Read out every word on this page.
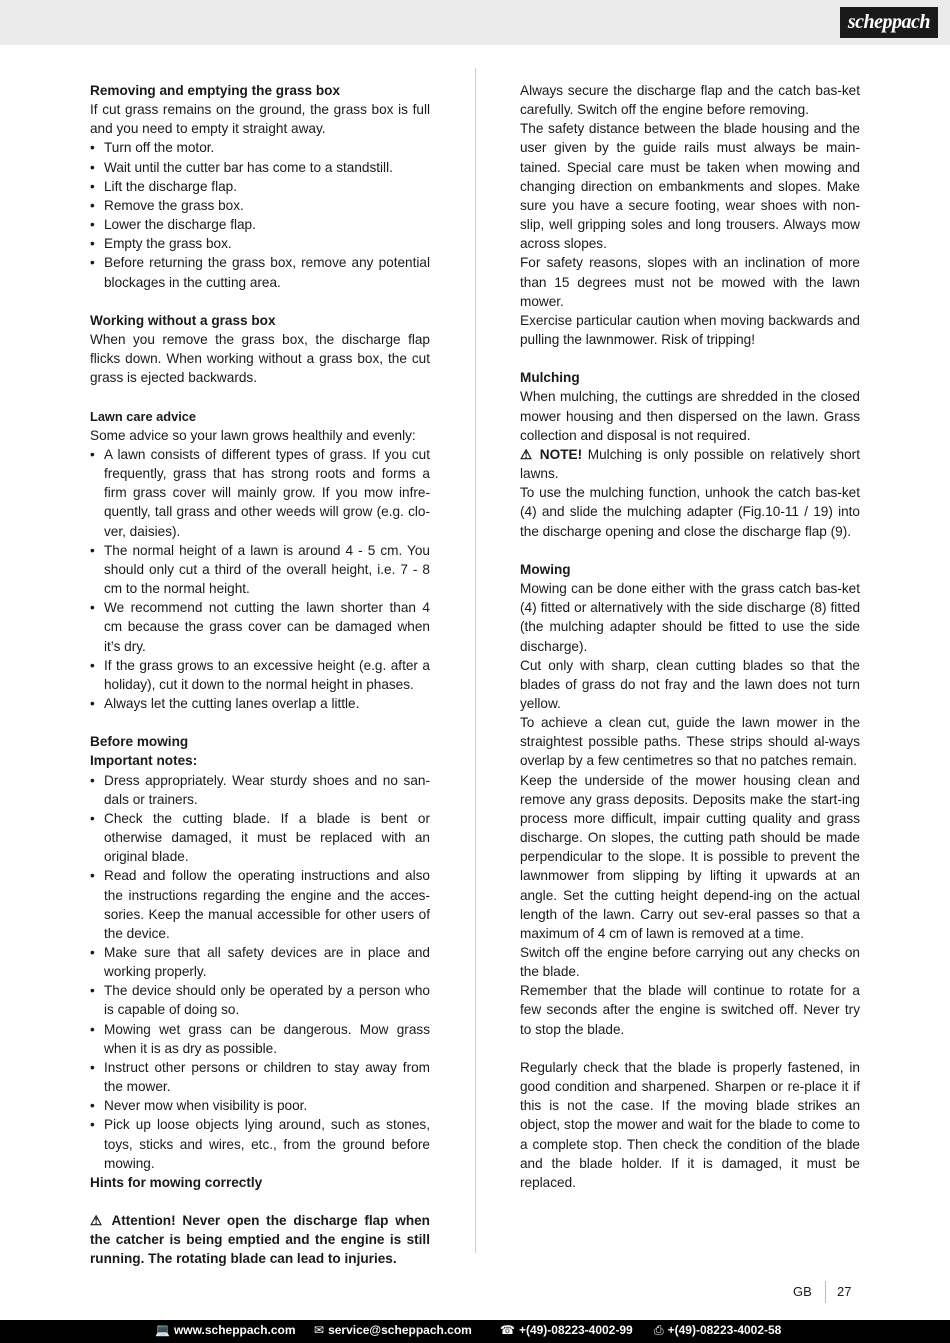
scheppach
Removing and emptying the grass box

If cut grass remains on the ground, the grass box is full and you need to empty it straight away.

• Turn off the motor.
• Wait until the cutter bar has come to a standstill.
• Lift the discharge flap.
• Remove the grass box.
• Lower the discharge flap.
• Empty the grass box.
• Before returning the grass box, remove any potential blockages in the cutting area.
Working without a grass box

When you remove the grass box, the discharge flap flicks down. When working without a grass box, the cut grass is ejected backwards.

Lawn care advice

Some advice so your lawn grows healthily and evenly:

• A lawn consists of different types of grass. If you cut frequently, grass that has strong roots and forms a firm grass cover will mainly grow. If you mow infre-quently, tall grass and other weeds will grow (e.g. clo-ver, daisies).
• The normal height of a lawn is around 4 - 5 cm. You should only cut a third of the overall height, i.e. 7 - 8 cm to the normal height.
• We recommend not cutting the lawn shorter than 4 cm because the grass cover can be damaged when it’s dry.
• If the grass grows to an excessive height (e.g. after a holiday), cut it down to the normal height in phases.
• Always let the cutting lanes overlap a little.
Before mowing
Important notes:
• Dress appropriately. Wear sturdy shoes and no san-dals or trainers.
• Check the cutting blade. If a blade is bent or otherwise damaged, it must be replaced with an original blade.
• Read and follow the operating instructions and also the instructions regarding the engine and the acces-sories. Keep the manual accessible for other users of the device.
• Make sure that all safety devices are in place and working properly.
• The device should only be operated by a person who is capable of doing so.
• Mowing wet grass can be dangerous. Mow grass when it is as dry as possible.
• Instruct other persons or children to stay away from the mower.
• Never mow when visibility is poor.
• Pick up loose objects lying around, such as stones, toys, sticks and wires, etc., from the ground before mowing.
Hints for mowing correctly

⚠ Attention! Never open the discharge flap when the catcher is being emptied and the engine is still running. The rotating blade can lead to injuries.

Always secure the discharge flap and the catch bas-ket carefully. Switch off the engine before removing.

The safety distance between the blade housing and the user given by the guide rails must always be main-tained. Special care must be taken when mowing and changing direction on embankments and slopes. Make sure you have a secure footing, wear shoes with non-slip, well gripping soles and long trousers. Always mow across slopes.

For safety reasons, slopes with an inclination of more than 15 degrees must not be mowed with the lawn mower.

Exercise particular caution when moving backwards and pulling the lawnmower. Risk of tripping!

Mulching

When mulching, the cuttings are shredded in the closed mower housing and then dispersed on the lawn. Grass collection and disposal is not required.

⚠ NOTE! Mulching is only possible on relatively short lawns.

To use the mulching function, unhook the catch bas-ket (4) and slide the mulching adapter (Fig.10-11 / 19) into the discharge opening and close the discharge flap (9).

Mowing

Mowing can be done either with the grass catch bas-ket (4) fitted or alternatively with the side discharge (8) fitted (the mulching adapter should be fitted to use the side discharge).

Cut only with sharp, clean cutting blades so that the blades of grass do not fray and the lawn does not turn yellow.

To achieve a clean cut, guide the lawn mower in the straightest possible paths. These strips should al-ways overlap by a few centimetres so that no patches remain.

Keep the underside of the mower housing clean and remove any grass deposits. Deposits make the start-ing process more difficult, impair cutting quality and grass discharge. On slopes, the cutting path should be made perpendicular to the slope. It is possible to prevent the lawnmower from slipping by lifting it upwards at an angle. Set the cutting height depend-ing on the actual length of the lawn. Carry out sev-eral passes so that a maximum of 4 cm of lawn is removed at a time.

Switch off the engine before carrying out any checks on the blade.

Remember that the blade will continue to rotate for a few seconds after the engine is switched off. Never try to stop the blade.

Regularly check that the blade is properly fastened, in good condition and sharpened. Sharpen or re-place it if this is not the case. If the moving blade strikes an object, stop the mower and wait for the blade to come to a complete stop. Then check the condition of the blade and the blade holder. If it is damaged, it must be replaced.

GB 27
💻 www.scheppach.com ✉ service@scheppach.com ☎ +(49)-08223-4002-99 ⎙ +(49)-08223-4002-58
